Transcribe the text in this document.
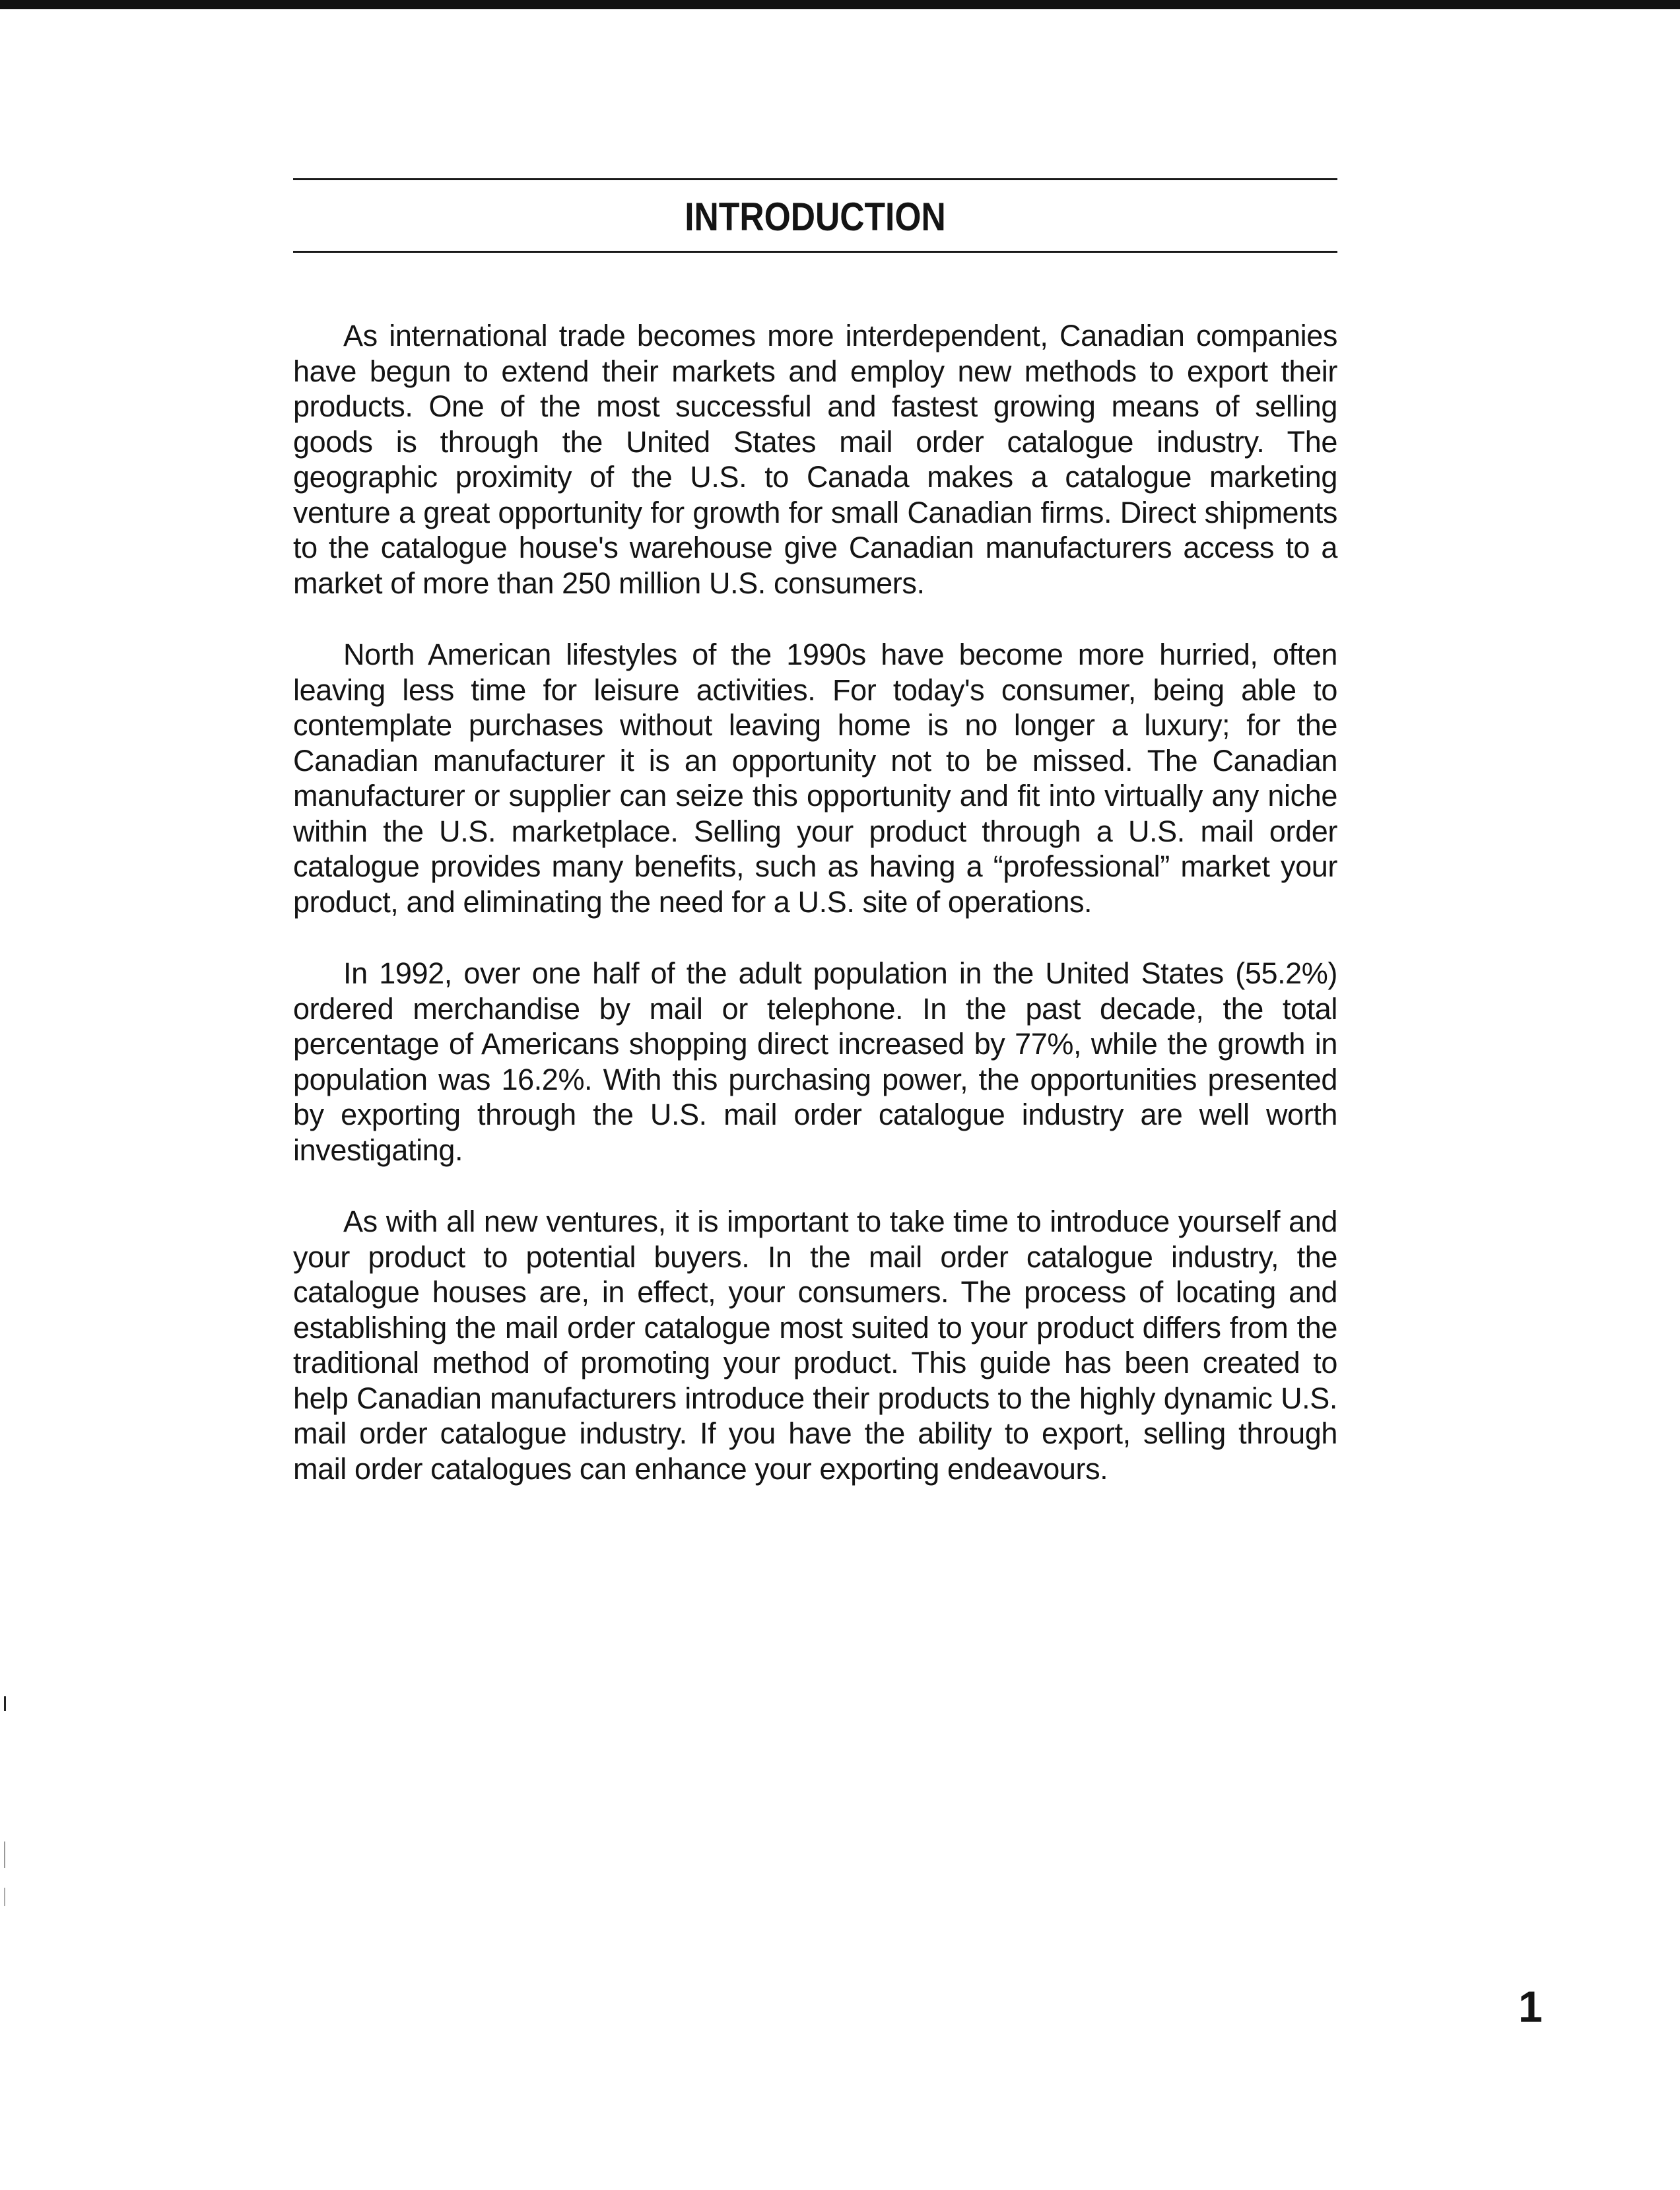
INTRODUCTION

As international trade becomes more interdependent, Canadian companies have begun to extend their markets and employ new methods to export their products. One of the most successful and fastest growing means of selling goods is through the United States mail order catalogue industry. The geographic proximity of the U.S. to Canada makes a catalogue marketing venture a great opportunity for growth for small Canadian firms. Direct shipments to the catalogue house's warehouse give Canadian manufacturers access to a market of more than 250 million U.S. consumers.

North American lifestyles of the 1990s have become more hurried, often leaving less time for leisure activities. For today's consumer, being able to contemplate purchases without leaving home is no longer a luxury; for the Canadian manufacturer it is an opportunity not to be missed. The Canadian manufacturer or supplier can seize this opportunity and fit into virtually any niche within the U.S. marketplace. Selling your product through a U.S. mail order catalogue provides many benefits, such as having a “professional” market your product, and eliminating the need for a U.S. site of operations.

In 1992, over one half of the adult population in the United States (55.2%) ordered merchandise by mail or telephone. In the past decade, the total percentage of Americans shopping direct increased by 77%, while the growth in population was 16.2%. With this purchasing power, the opportunities presented by exporting through the U.S. mail order catalogue industry are well worth investigating.

As with all new ventures, it is important to take time to introduce yourself and your product to potential buyers. In the mail order catalogue industry, the catalogue houses are, in effect, your consumers. The process of locating and establishing the mail order catalogue most suited to your product differs from the traditional method of promoting your product. This guide has been created to help Canadian manufacturers introduce their products to the highly dynamic U.S. mail order catalogue industry. If you have the ability to export, selling through mail order catalogues can enhance your exporting endeavours.

1
